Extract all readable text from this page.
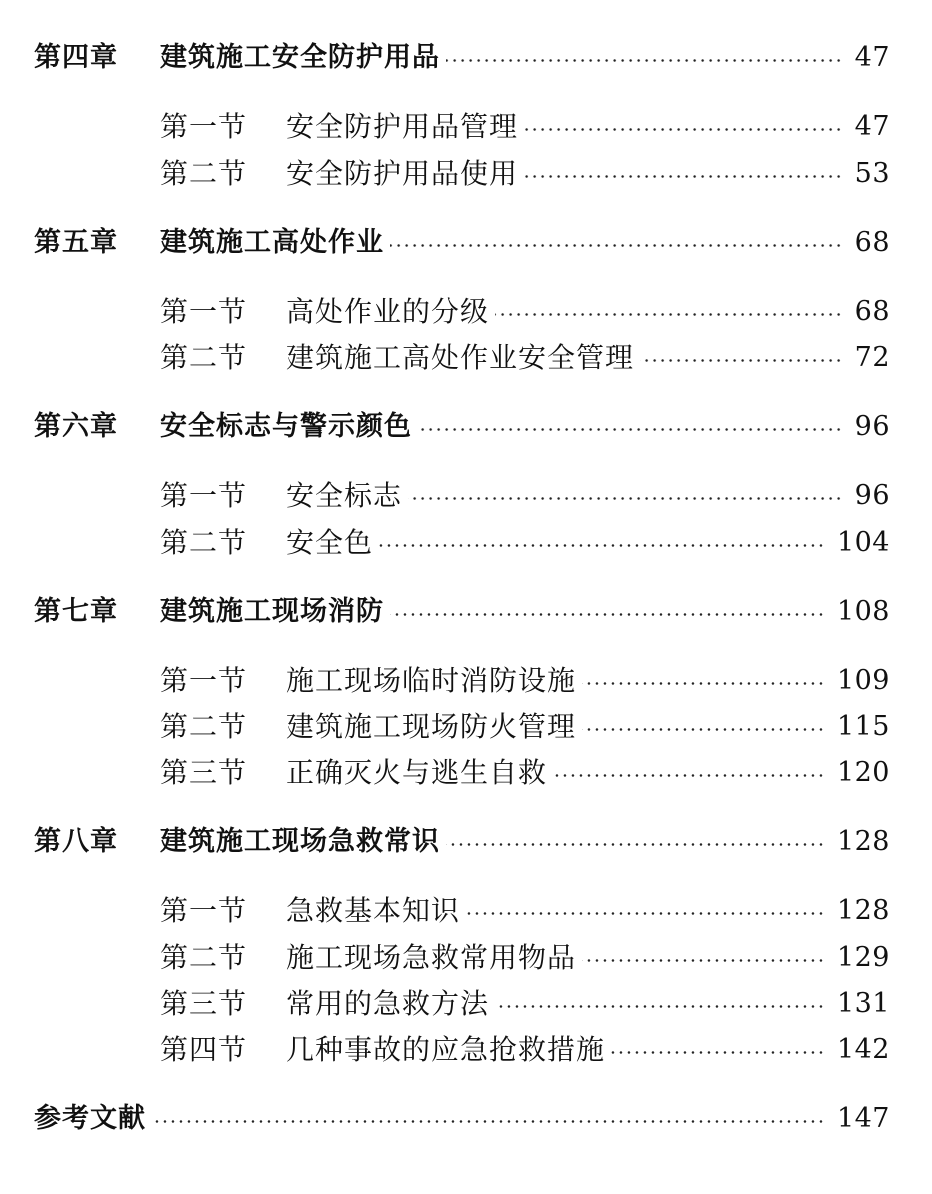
第四章 建筑施工安全防护用品	47
第一节 安全防护用品管理	47
第二节 安全防护用品使用	53
第五章 建筑施工高处作业	68
第一节 高处作业的分级	68
第二节 建筑施工高处作业安全管理	72
第六章 安全标志与警示颜色	96
第一节 安全标志	96
第二节 安全色	104
第七章 建筑施工现场消防	108
第一节 施工现场临时消防设施	109
第二节 建筑施工现场防火管理	115
第三节 正确灭火与逃生自救	120
第八章 建筑施工现场急救常识	128
第一节 急救基本知识	128
第二节 施工现场急救常用物品	129
第三节 常用的急救方法	131
第四节 几种事故的应急抢救措施	142
参考文献	147
